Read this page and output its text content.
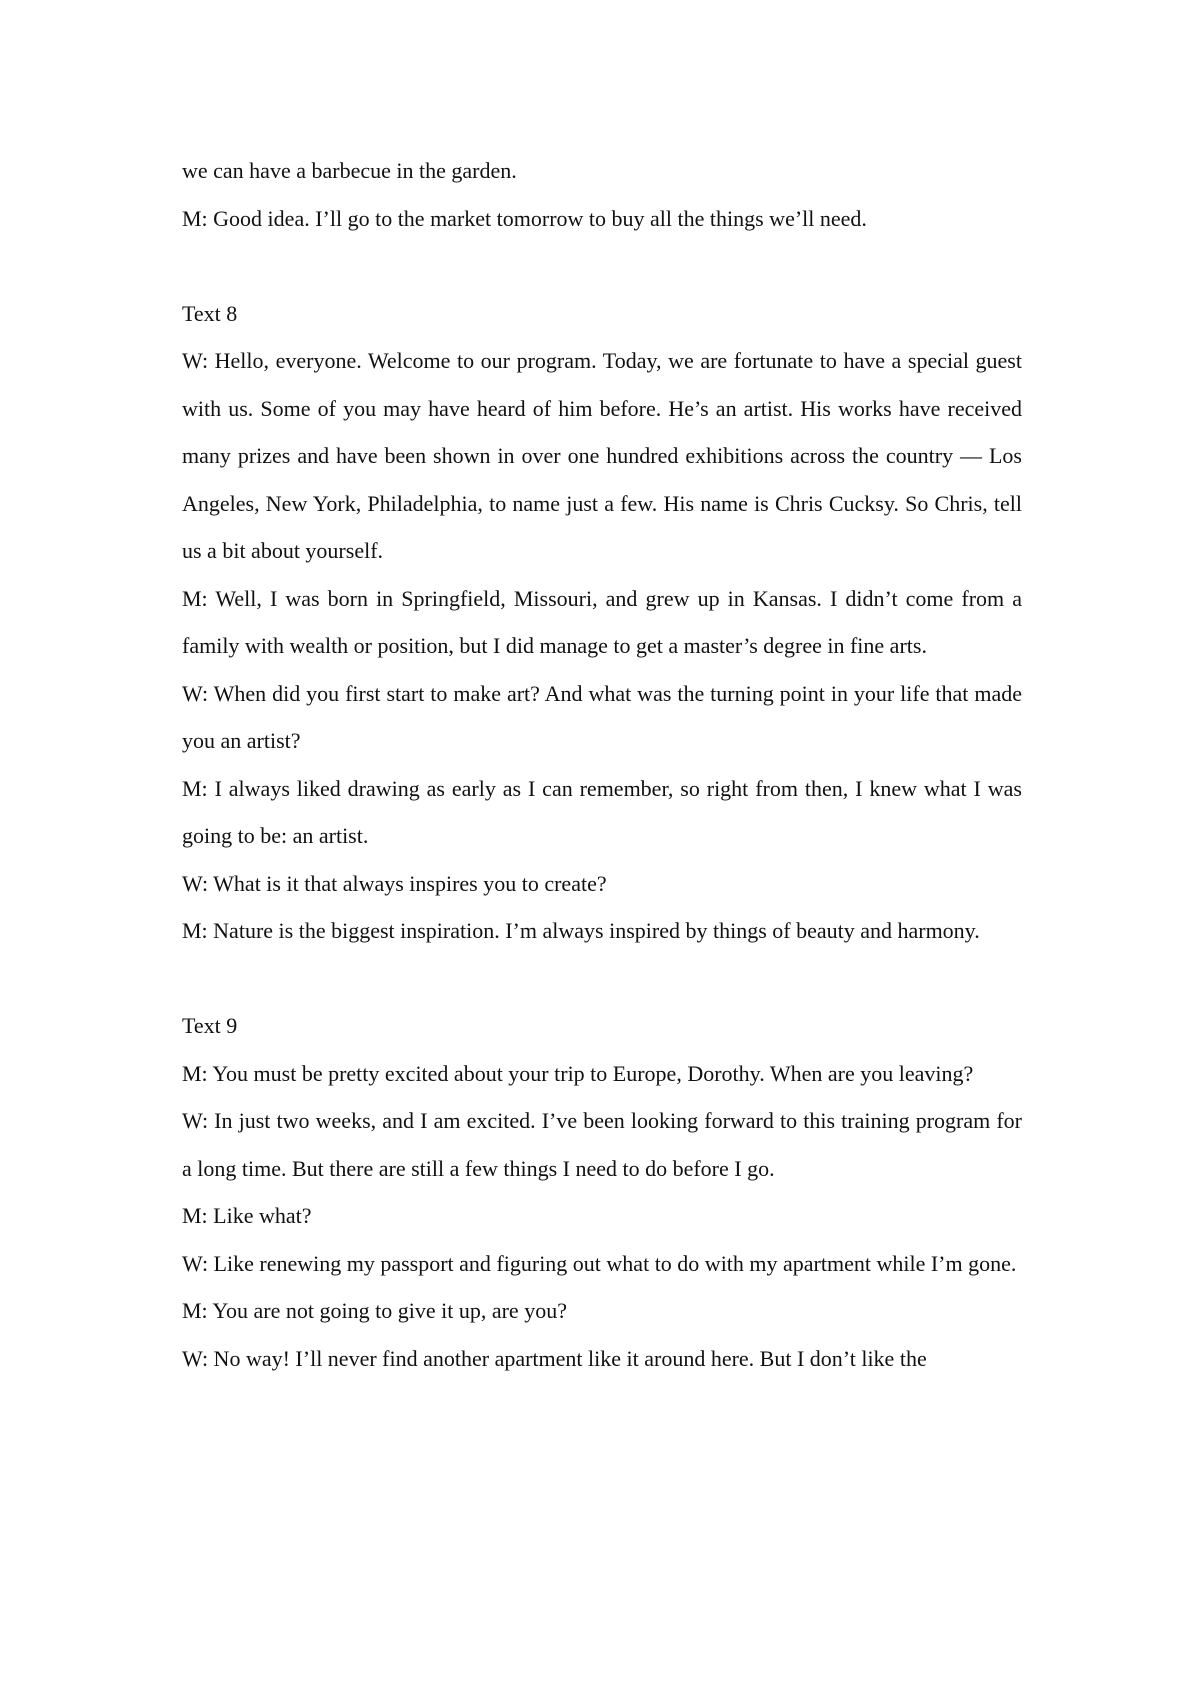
we can have a barbecue in the garden.

M: Good idea. I’ll go to the market tomorrow to buy all the things we’ll need.

Text 8

W: Hello, everyone. Welcome to our program. Today, we are fortunate to have a special guest with us. Some of you may have heard of him before. He’s an artist. His works have received many prizes and have been shown in over one hundred exhibitions across the country — Los Angeles, New York, Philadelphia, to name just a few. His name is Chris Cucksy. So Chris, tell us a bit about yourself.

M: Well, I was born in Springfield, Missouri, and grew up in Kansas. I didn’t come from a family with wealth or position, but I did manage to get a master’s degree in fine arts.

W: When did you first start to make art? And what was the turning point in your life that made you an artist?

M: I always liked drawing as early as I can remember, so right from then, I knew what I was going to be: an artist.

W: What is it that always inspires you to create?

M: Nature is the biggest inspiration. I’m always inspired by things of beauty and harmony.

Text 9

M: You must be pretty excited about your trip to Europe, Dorothy. When are you leaving?

W: In just two weeks, and I am excited. I’ve been looking forward to this training program for a long time. But there are still a few things I need to do before I go.

M: Like what?

W: Like renewing my passport and figuring out what to do with my apartment while I’m gone.

M: You are not going to give it up, are you?

W: No way! I’ll never find another apartment like it around here. But I don’t like the
